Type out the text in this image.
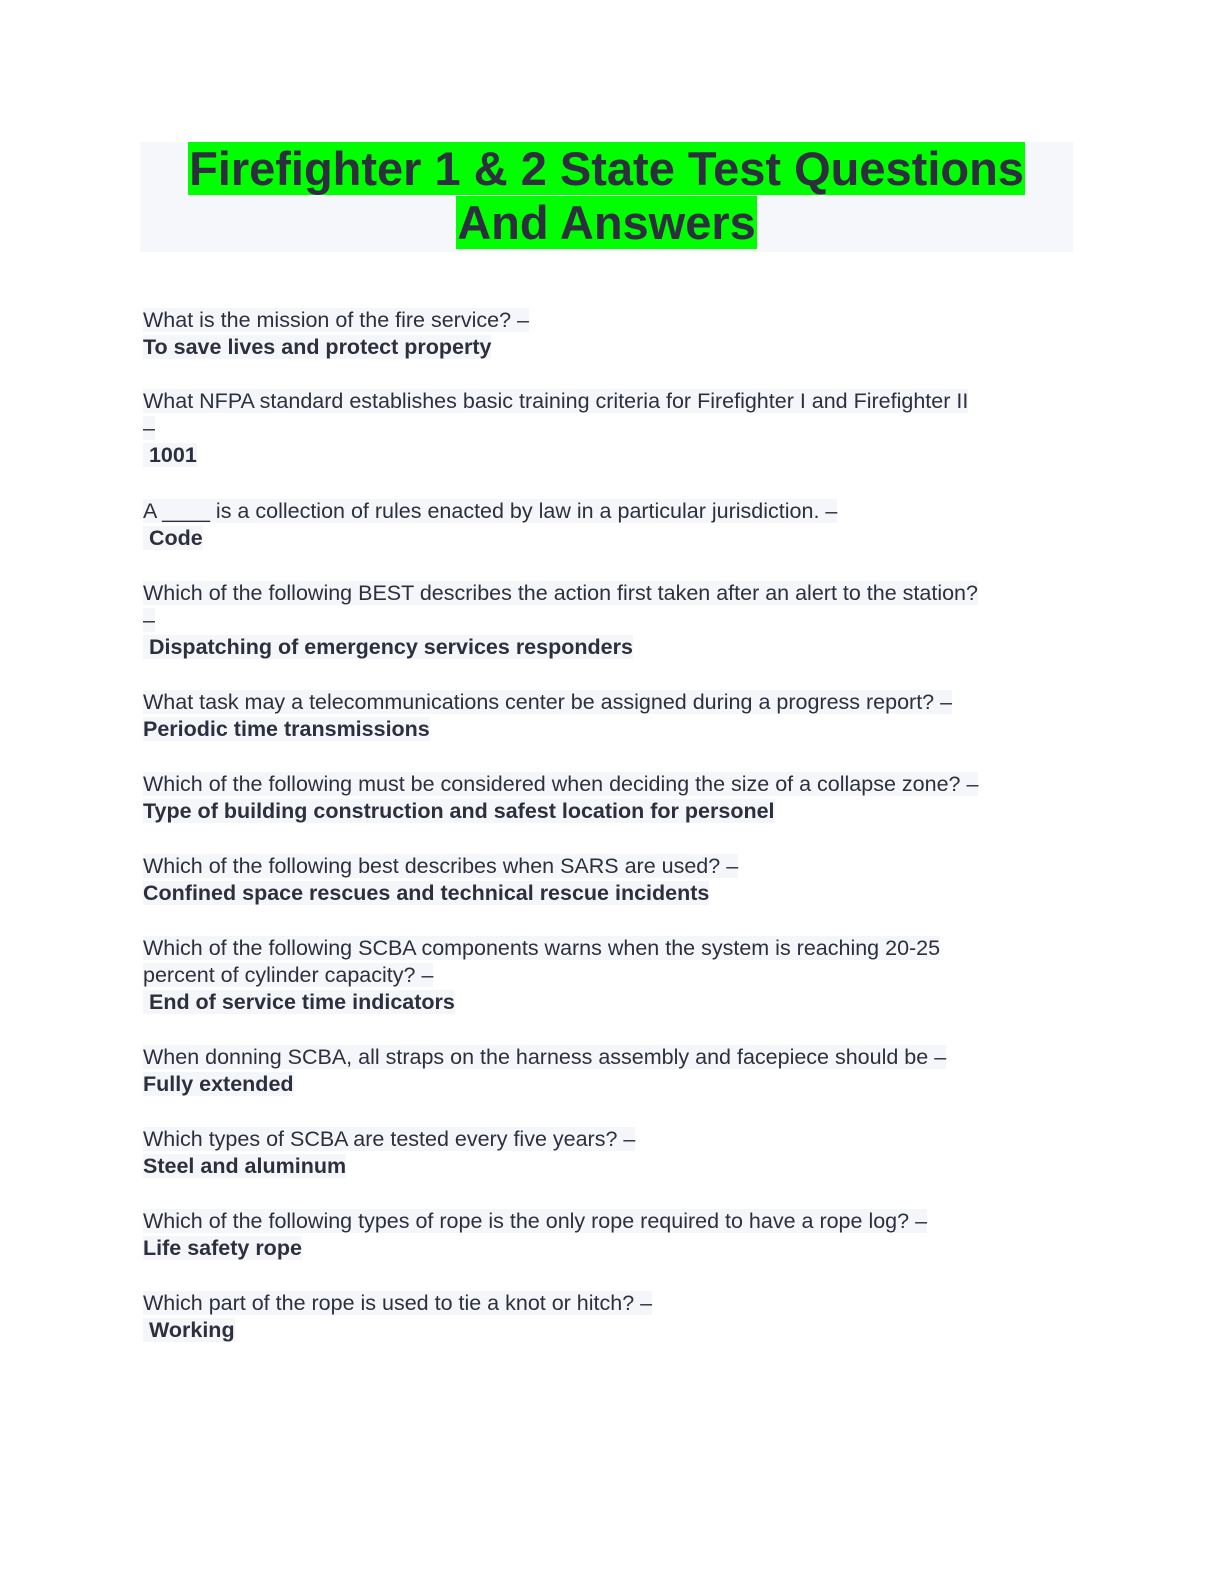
Firefighter 1 & 2 State Test Questions
And Answers
What is the mission of the fire service? –
To save lives and protect property
What NFPA standard establishes basic training criteria for Firefighter I and Firefighter II
–
1001
A ____ is a collection of rules enacted by law in a particular jurisdiction. –
Code
Which of the following BEST describes the action first taken after an alert to the station?
–
Dispatching of emergency services responders
What task may a telecommunications center be assigned during a progress report? –
Periodic time transmissions
Which of the following must be considered when deciding the size of a collapse zone? –
Type of building construction and safest location for personel
Which of the following best describes when SARS are used? –
Confined space rescues and technical rescue incidents
Which of the following SCBA components warns when the system is reaching 20-25
percent of cylinder capacity? –
End of service time indicators
When donning SCBA, all straps on the harness assembly and facepiece should be –
Fully extended
Which types of SCBA are tested every five years? –
Steel and aluminum
Which of the following types of rope is the only rope required to have a rope log? –
Life safety rope
Which part of the rope is used to tie a knot or hitch? –
Working
